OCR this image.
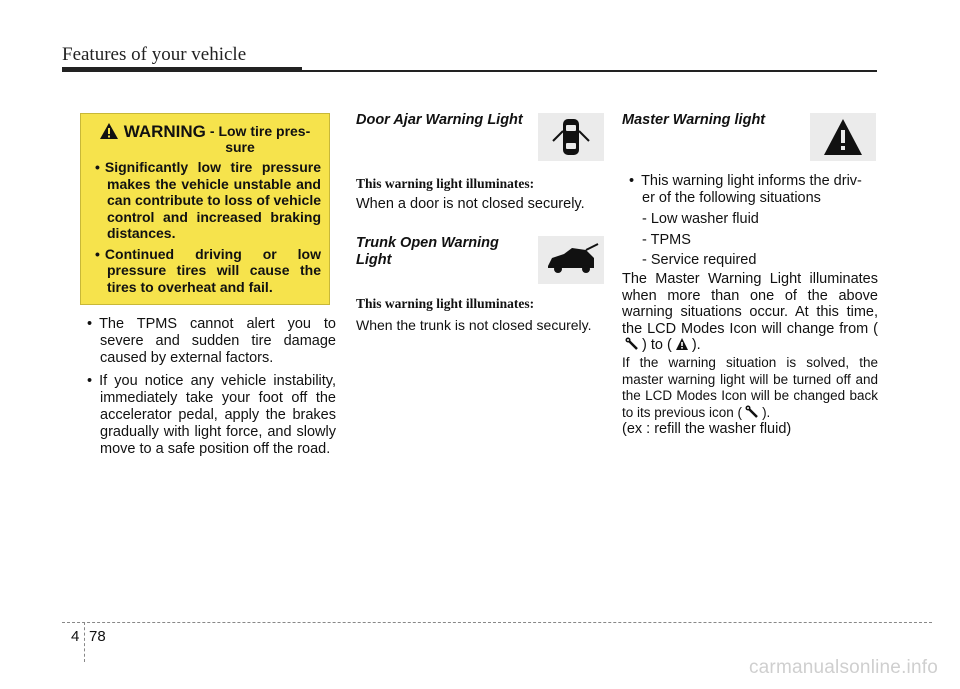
Features of your vehicle
WARNING - Low tire pres-
sure
• Significantly low tire pressure makes the vehicle unstable and can contribute to loss of vehicle control and increased braking distances.
• Continued driving or low pressure tires will cause the tires to overheat and fail.
• The TPMS cannot alert you to severe and sudden tire damage caused by external factors.
• If you notice any vehicle instability, immediately take your foot off the accelerator pedal, apply the brakes gradually with light force, and slowly move to a safe position off the road.
Door Ajar Warning Light
This warning light illuminates:
When a door is not closed securely.
Trunk Open Warning
Light
This warning light illuminates:
When the trunk is not closed securely.
Master Warning light
• This warning light informs the driv-
er of the following situations
- Low washer fluid
- TPMS
- Service required
The Master Warning Light illuminates when more than one of the above warning situations occur. At this time, the LCD Modes Icon will change from () to ( ).
If the warning situation is solved, the master warning light will be turned off and the LCD Modes Icon will be changed back to its previous icon ( ).
(ex : refill the washer fluid)
4 78
carmanualsonline.info
